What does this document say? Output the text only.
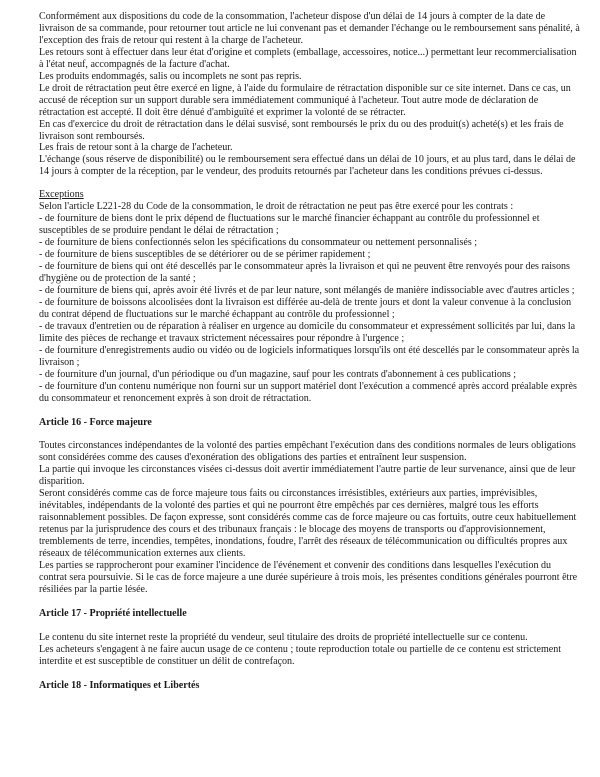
Conformément aux dispositions du code de la consommation, l'acheteur dispose d'un délai de 14 jours à compter de la date de livraison de sa commande, pour retourner tout article ne lui convenant pas et demander l'échange ou le remboursement sans pénalité, à l'exception des frais de retour qui restent à la charge de l'acheteur.

Les retours sont à effectuer dans leur état d'origine et complets (emballage, accessoires, notice...) permettant leur recommercialisation à l'état neuf, accompagnés de la facture d'achat.

Les produits endommagés, salis ou incomplets ne sont pas repris.

Le droit de rétractation peut être exercé en ligne, à l'aide du formulaire de rétractation disponible sur ce site internet. Dans ce cas, un accusé de réception sur un support durable sera immédiatement communiqué à l'acheteur. Tout autre mode de déclaration de rétractation est accepté. Il doit être dénué d'ambiguïté et exprimer la volonté de se rétracter.

En cas d'exercice du droit de rétractation dans le délai susvisé, sont remboursés le prix du ou des produit(s) acheté(s) et les frais de livraison sont remboursés.

Les frais de retour sont à la charge de l'acheteur.

L'échange (sous réserve de disponibilité) ou le remboursement sera effectué dans un délai de 10 jours, et au plus tard, dans le délai de 14 jours à compter de la réception, par le vendeur, des produits retournés par l'acheteur dans les conditions prévues ci-dessus.

Exceptions

Selon l'article L221-28 du Code de la consommation, le droit de rétractation ne peut pas être exercé pour les contrats :

- de fourniture de biens dont le prix dépend de fluctuations sur le marché financier échappant au contrôle du professionnel et susceptibles de se produire pendant le délai de rétractation ;
- de fourniture de biens confectionnés selon les spécifications du consommateur ou nettement personnalisés ;
- de fourniture de biens susceptibles de se détériorer ou de se périmer rapidement ;
- de fourniture de biens qui ont été descellés par le consommateur après la livraison et qui ne peuvent être renvoyés pour des raisons d'hygiène ou de protection de la santé ;
- de fourniture de biens qui, après avoir été livrés et de par leur nature, sont mélangés de manière indissociable avec d'autres articles ;
- de fourniture de boissons alcoolisées dont la livraison est différée au-delà de trente jours et dont la valeur convenue à la conclusion du contrat dépend de fluctuations sur le marché échappant au contrôle du professionnel ;
- de travaux d'entretien ou de réparation à réaliser en urgence au domicile du consommateur et expressément sollicités par lui, dans la limite des pièces de rechange et travaux strictement nécessaires pour répondre à l'urgence ;
- de fourniture d'enregistrements audio ou vidéo ou de logiciels informatiques lorsqu'ils ont été descellés par le consommateur après la livraison ;
- de fourniture d'un journal, d'un périodique ou d'un magazine, sauf pour les contrats d'abonnement à ces publications ;
- de fourniture d'un contenu numérique non fourni sur un support matériel dont l'exécution a commencé après accord préalable exprès du consommateur et renoncement exprès à son droit de rétractation.

Article 16 - Force majeure

Toutes circonstances indépendantes de la volonté des parties empêchant l'exécution dans des conditions normales de leurs obligations sont considérées comme des causes d'exonération des obligations des parties et entraînent leur suspension.

La partie qui invoque les circonstances visées ci-dessus doit avertir immédiatement l'autre partie de leur survenance, ainsi que de leur disparition.

Seront considérés comme cas de force majeure tous faits ou circonstances irrésistibles, extérieurs aux parties, imprévisibles, inévitables, indépendants de la volonté des parties et qui ne pourront être empêchés par ces dernières, malgré tous les efforts raisonnablement possibles. De façon expresse, sont considérés comme cas de force majeure ou cas fortuits, outre ceux habituellement retenus par la jurisprudence des cours et des tribunaux français : le blocage des moyens de transports ou d'approvisionnement, tremblements de terre, incendies, tempêtes, inondations, foudre, l'arrêt des réseaux de télécommunication ou difficultés propres aux réseaux de télécommunication externes aux clients.

Les parties se rapprocheront pour examiner l'incidence de l'événement et convenir des conditions dans lesquelles l'exécution du contrat sera poursuivie. Si le cas de force majeure a une durée supérieure à trois mois, les présentes conditions générales pourront être résiliées par la partie lésée.

Article 17 - Propriété intellectuelle

Le contenu du site internet reste la propriété du vendeur, seul titulaire des droits de propriété intellectuelle sur ce contenu.

Les acheteurs s'engagent à ne faire aucun usage de ce contenu ; toute reproduction totale ou partielle de ce contenu est strictement interdite et est susceptible de constituer un délit de contrefaçon.

Article 18 - Informatiques et Libertés
